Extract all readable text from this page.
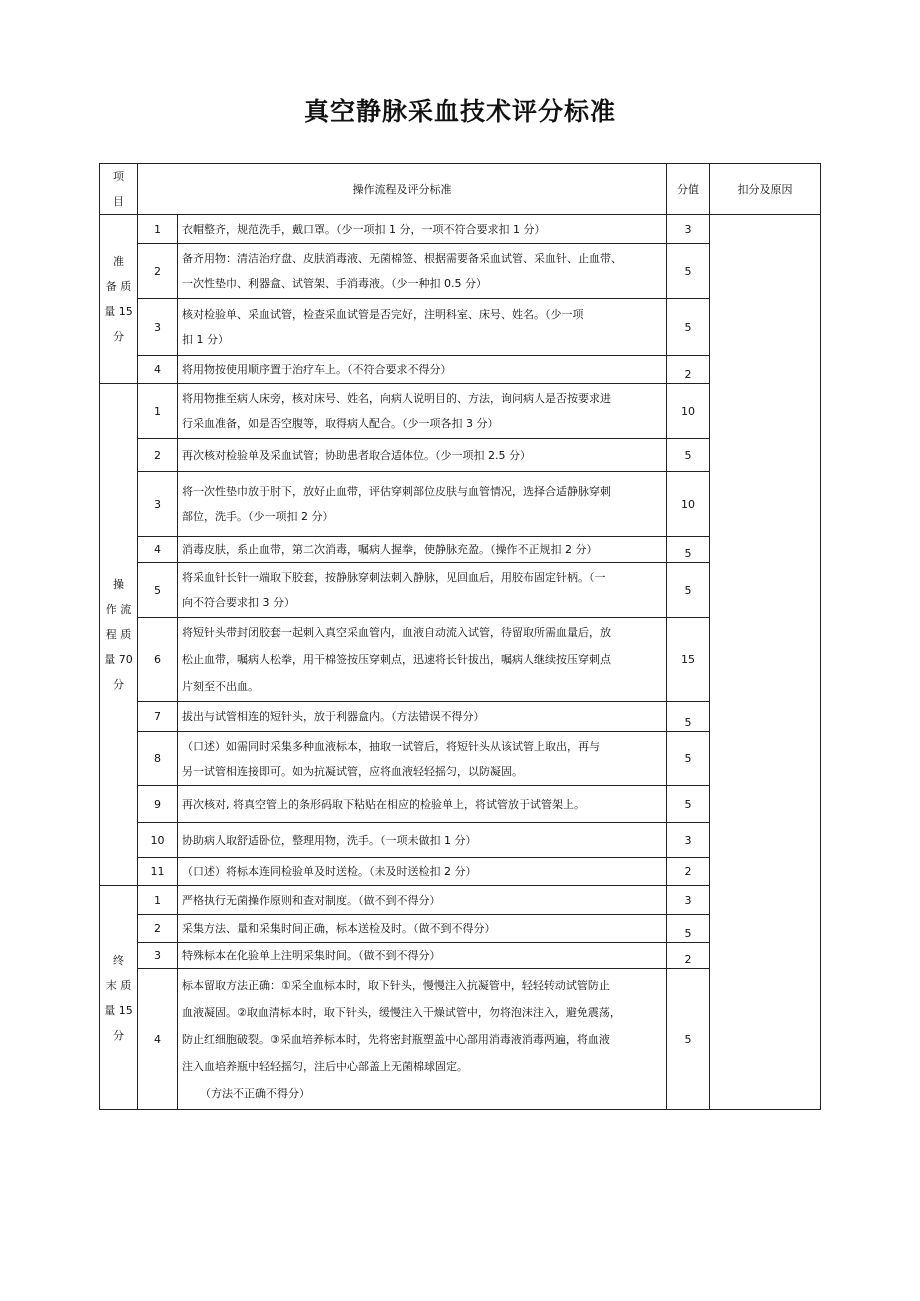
真空静脉采血技术评分标准
项
目	操作流程及评分标准		分值	扣分及原因

准
备 质
量 15
分	1	衣帽整齐，规范洗手，戴口罩。（少一项扣 1 分，一项不符合要求扣 1 分）	3	
	2	备齐用物：清洁治疗盘、皮肤消毒液、无菌棉签、根据需要备采血试管、采血针、止血带、
一次性垫巾、利器盒、试管架、手消毒液。（少一种扣 0.5 分）	5	
	3	核对检验单、采血试管，检查采血试管是否完好，注明科室、床号、姓名。（少一项
扣 1 分）	5	
	4	将用物按使用顺序置于治疗车上。（不符合要求不得分）	2	

操
作 流
程 质
量 70
分	1	将用物推至病人床旁，核对床号、姓名，向病人说明目的、方法，询问病人是否按要求进
行采血准备，如是否空腹等，取得病人配合。（少一项各扣 3 分）	10	
	2	再次核对检验单及采血试管；协助患者取合适体位。（少一项扣 2.5 分）	5	
	3	将一次性垫巾放于肘下，放好止血带，评估穿刺部位皮肤与血管情况，选择合适静脉穿刺
部位，洗手。（少一项扣 2 分）	10	
	4	消毒皮肤，系止血带，第二次消毒，嘱病人握拳，使静脉充盈。（操作不正规扣 2 分）	5	
	5	将采血针长针一端取下胶套，按静脉穿刺法刺入静脉，见回血后，用胶布固定针柄。（一
向不符合要求扣 3 分）	5	
	6	将短针头带封闭胶套一起刺入真空采血管内，血液自动流入试管，待留取所需血量后，放
松止血带，嘱病人松拳，用干棉签按压穿刺点，迅速将长针拔出，嘱病人继续按压穿刺点
片刻至不出血。	15	
	7	拔出与试管相连的短针头，放于利器盒内。（方法错误不得分）	5	
	8	（口述）如需同时采集多种血液标本，抽取一试管后，将短针头从该试管上取出，再与
另一试管相连接即可。如为抗凝试管，应将血液轻轻摇匀，以防凝固。	5	
	9	再次核对, 将真空管上的条形码取下粘贴在相应的检验单上，将试管放于试管架上。	5	
	10	协助病人取舒适卧位，整理用物，洗手。（一项未做扣 1 分）	3	
	11	（口述）将标本连同检验单及时送检。（未及时送检扣 2 分）	2	

终
末 质
量 15
分	1	严格执行无菌操作原则和查对制度。（做不到不得分）	3	
	2	采集方法、量和采集时间正确，标本送检及时。（做不到不得分）	5	
	3	特殊标本在化验单上注明采集时间。（做不到不得分）	2	
	4	标本留取方法正确：①采全血标本时，取下针头，慢慢注入抗凝管中，轻轻转动试管防止
血液凝固。②取血清标本时，取下针头，缓慢注入干燥试管中，勿将泡沫注入，避免震荡，
防止红细胞破裂。③采血培养标本时，先将密封瓶塑盖中心部用消毒液消毒两遍，将血液
注入血培养瓶中轻轻摇匀，注后中心部盖上无菌棉球固定。
（方法不正确不得分）	5	
